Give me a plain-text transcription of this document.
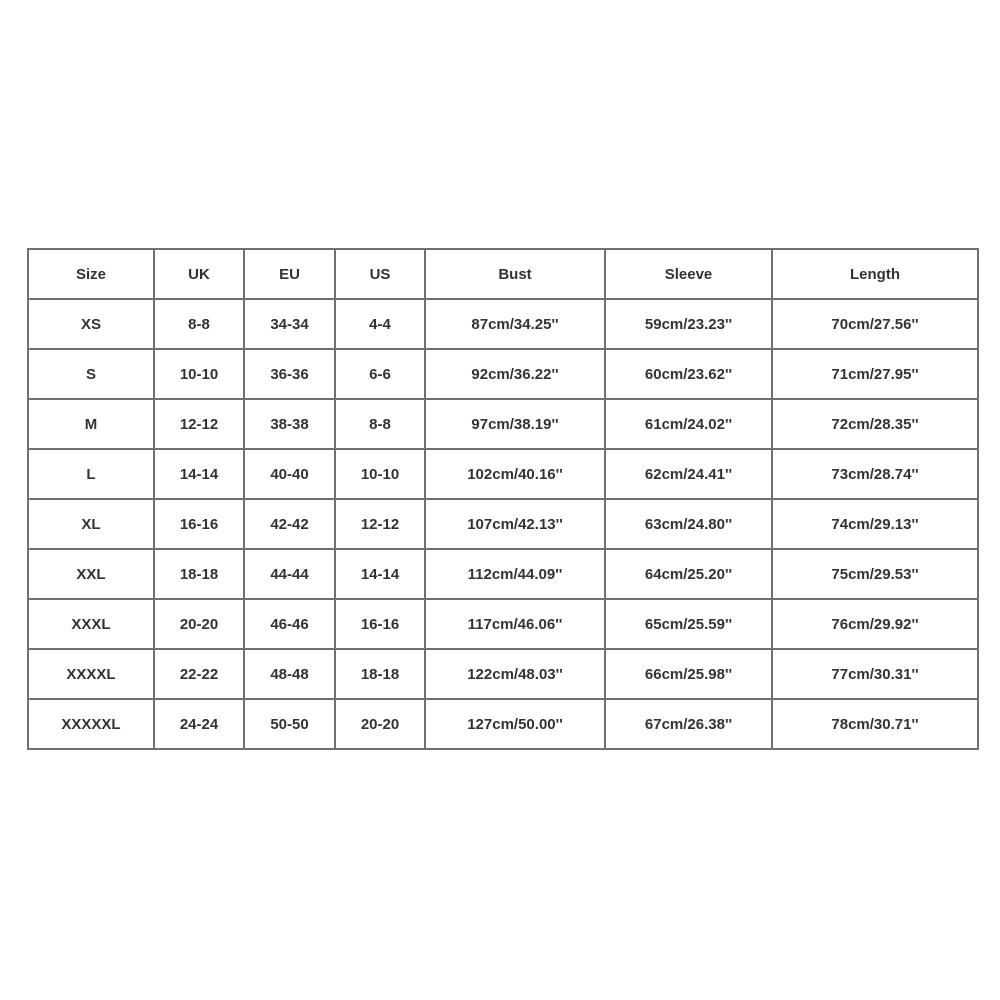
Size	UK	EU	US	Bust	Sleeve	Length
XS	8-8	34-34	4-4	87cm/34.25''	59cm/23.23''	70cm/27.56''
S	10-10	36-36	6-6	92cm/36.22''	60cm/23.62''	71cm/27.95''
M	12-12	38-38	8-8	97cm/38.19''	61cm/24.02''	72cm/28.35''
L	14-14	40-40	10-10	102cm/40.16''	62cm/24.41''	73cm/28.74''
XL	16-16	42-42	12-12	107cm/42.13''	63cm/24.80''	74cm/29.13''
XXL	18-18	44-44	14-14	112cm/44.09''	64cm/25.20''	75cm/29.53''
XXXL	20-20	46-46	16-16	117cm/46.06''	65cm/25.59''	76cm/29.92''
XXXXL	22-22	48-48	18-18	122cm/48.03''	66cm/25.98''	77cm/30.31''
XXXXXL	24-24	50-50	20-20	127cm/50.00''	67cm/26.38''	78cm/30.71''
